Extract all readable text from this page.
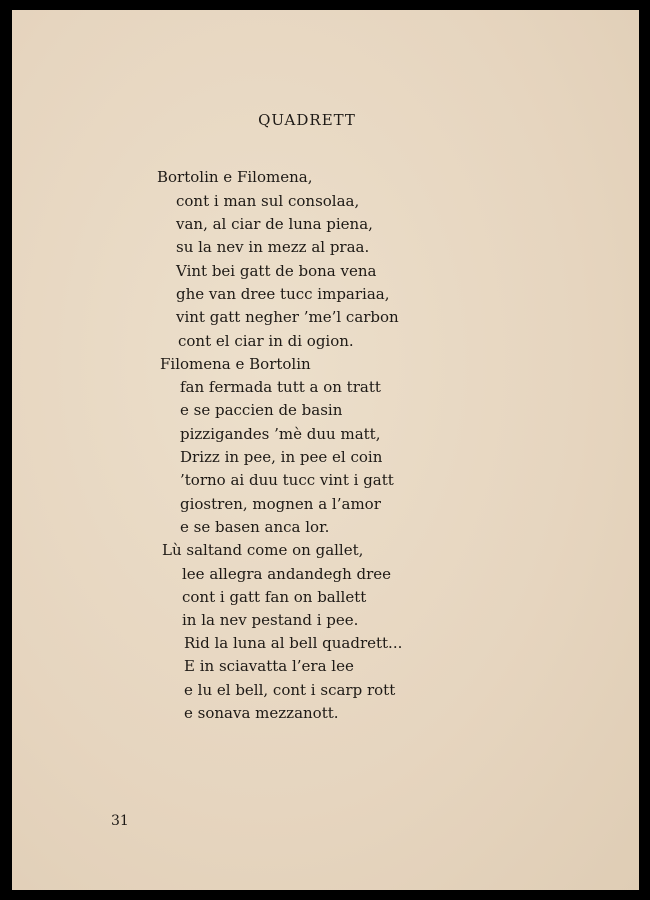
QUADRETT
Bortolin e Filomena,
cont i man sul consolaa,
van, al ciar de luna piena,
su la nev in mezz al praa.
Vint bei gatt de bona vena
ghe van dree tucc impariaa,
vint gatt negher ’me’l carbon
cont el ciar in di ogion.
Filomena e Bortolin
fan fermada tutt a on tratt
e se paccien de basin
pizzigandes ’mè duu matt,
Drizz in pee, in pee el coin
’torno ai duu tucc vint i gatt
giostren, mognen a l’amor
e se basen anca lor.
Lù saltand come on gallet,
lee allegra andandegh dree
cont i gatt fan on ballett
in la nev pestand i pee.
Rid la luna al bell quadrett...
E in sciavatta l’era lee
e lu el bell, cont i scarp rott
e sonava mezzanott.
31
